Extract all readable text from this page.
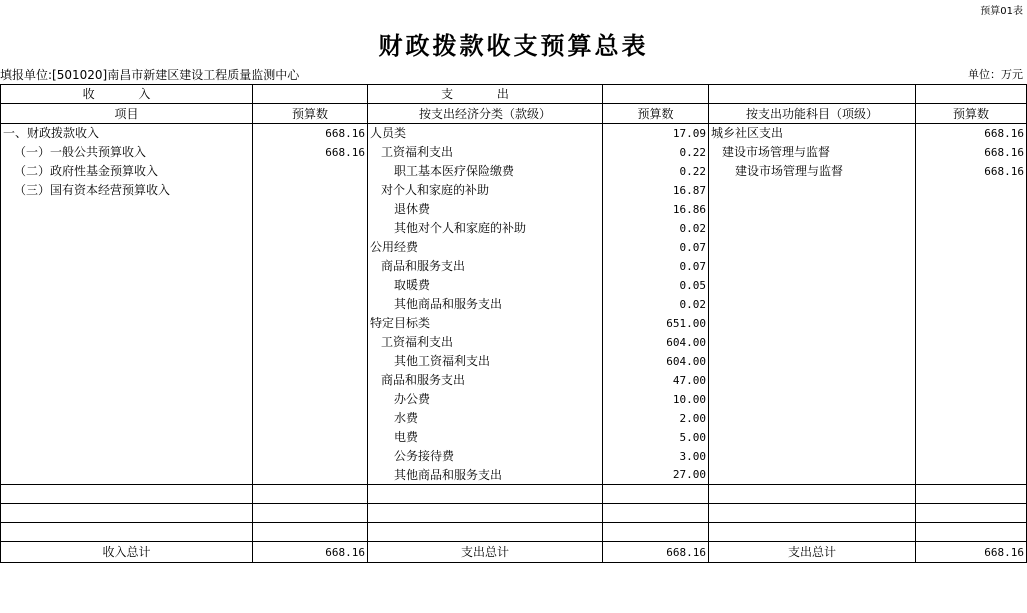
预算01表
财政拨款收支预算总表
填报单位:[501020]南昌市新建区建设工程质量监测中心	单位：万元
收 入		支 出			
项目	预算数	按支出经济分类（款级）	预算数	按支出功能科目（项级）	预算数
一、财政拨款收入	668.16	人员类	17.09	城乡社区支出	668.16
（一）一般公共预算收入	668.16	工资福利支出	0.22	建设市场管理与监督	668.16
（二）政府性基金预算收入		职工基本医疗保险缴费	0.22	建设市场管理与监督	668.16
（三）国有资本经营预算收入		对个人和家庭的补助	16.87		
		退休费	16.86		
		其他对个人和家庭的补助	0.02		
		公用经费	0.07		
		商品和服务支出	0.07		
		取暖费	0.05		
		其他商品和服务支出	0.02		
		特定目标类	651.00		
		工资福利支出	604.00		
		其他工资福利支出	604.00		
		商品和服务支出	47.00		
		办公费	10.00		
		水费	2.00		
		电费	5.00		
		公务接待费	3.00		
		其他商品和服务支出	27.00		

收入总计	668.16	支出总计	668.16	支出总计	668.16
